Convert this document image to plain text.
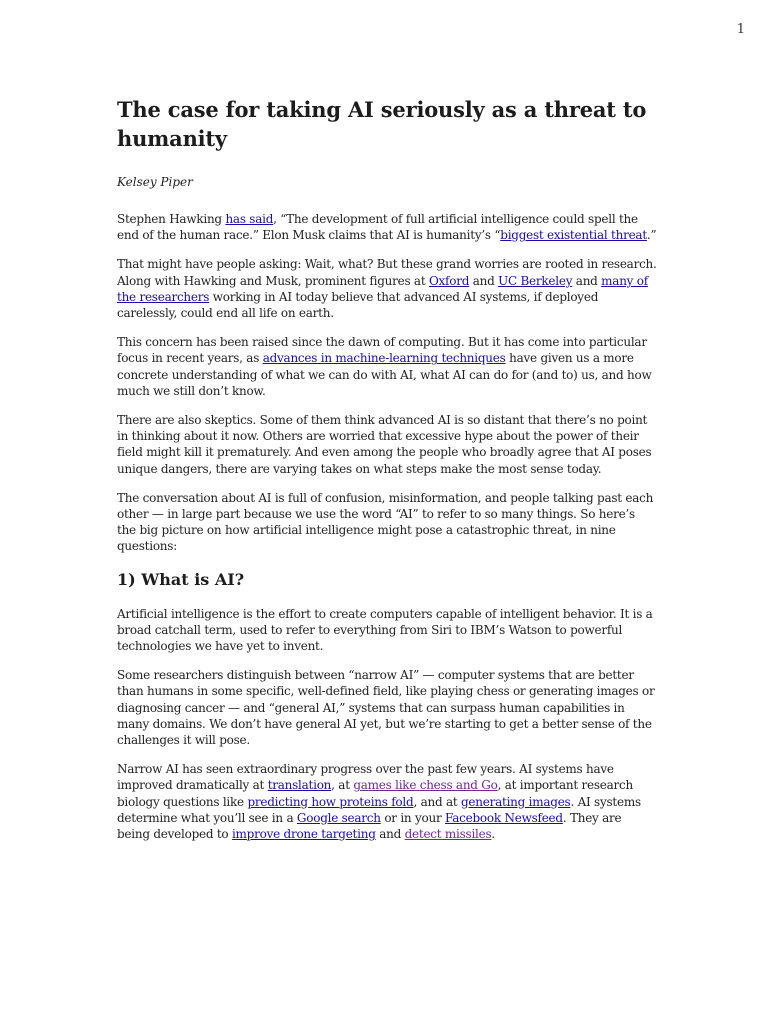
1
The case for taking AI seriously as a threat to humanity
Kelsey Piper

Stephen Hawking has said, “The development of full artificial intelligence could spell the end of the human race.” Elon Musk claims that AI is humanity’s “biggest existential threat.”

That might have people asking: Wait, what? But these grand worries are rooted in research. Along with Hawking and Musk, prominent figures at Oxford and UC Berkeley and many of the researchers working in AI today believe that advanced AI systems, if deployed carelessly, could end all life on earth.

This concern has been raised since the dawn of computing. But it has come into particular focus in recent years, as advances in machine-learning techniques have given us a more concrete understanding of what we can do with AI, what AI can do for (and to) us, and how much we still don’t know.

There are also skeptics. Some of them think advanced AI is so distant that there’s no point in thinking about it now. Others are worried that excessive hype about the power of their field might kill it prematurely. And even among the people who broadly agree that AI poses unique dangers, there are varying takes on what steps make the most sense today.

The conversation about AI is full of confusion, misinformation, and people talking past each other — in large part because we use the word “AI” to refer to so many things. So here’s the big picture on how artificial intelligence might pose a catastrophic threat, in nine questions:

1) What is AI?

Artificial intelligence is the effort to create computers capable of intelligent behavior. It is a broad catchall term, used to refer to everything from Siri to IBM’s Watson to powerful technologies we have yet to invent.

Some researchers distinguish between “narrow AI” — computer systems that are better than humans in some specific, well-defined field, like playing chess or generating images or diagnosing cancer — and “general AI,” systems that can surpass human capabilities in many domains. We don’t have general AI yet, but we’re starting to get a better sense of the challenges it will pose.

Narrow AI has seen extraordinary progress over the past few years. AI systems have improved dramatically at translation, at games like chess and Go, at important research biology questions like predicting how proteins fold, and at generating images. AI systems determine what you’ll see in a Google search or in your Facebook Newsfeed. They are being developed to improve drone targeting and detect missiles.
